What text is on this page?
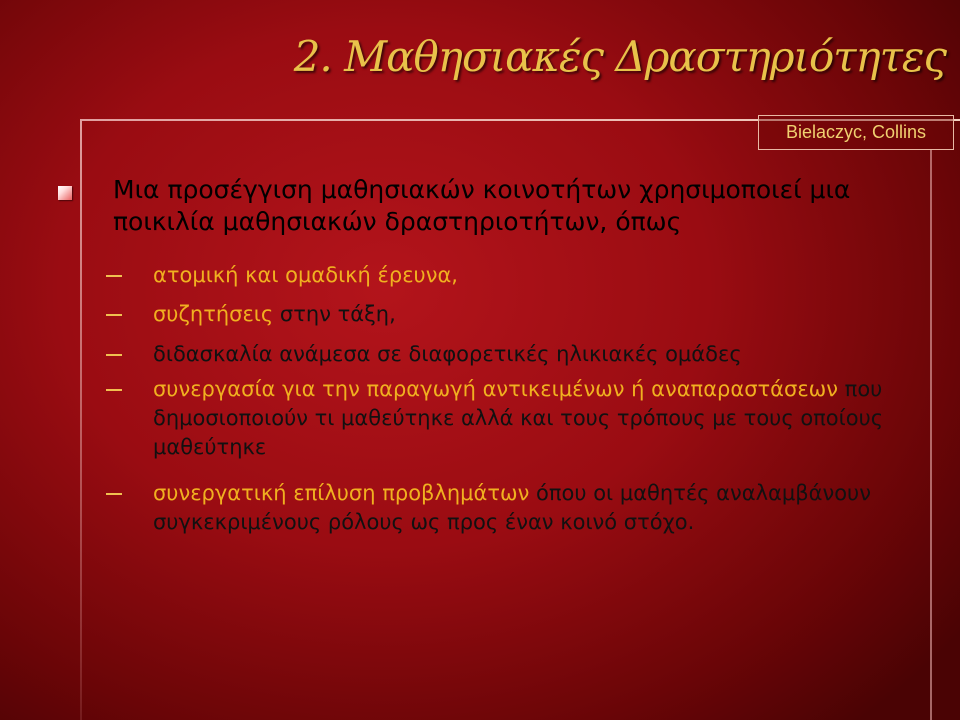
2. Μαθησιακές Δραστηριότητες
Bielaczyc, Collins
Μια προσέγγιση μαθησιακών κοινοτήτων χρησιμοποιεί μια ποικιλία μαθησιακών δραστηριοτήτων, όπως
ατομική και ομαδική έρευνα,
συζητήσεις στην τάξη,
διδασκαλία ανάμεσα σε διαφορετικές ηλικιακές ομάδες
συνεργασία για την παραγωγή αντικειμένων ή αναπαραστάσεων που δημοσιοποιούν τι μαθεύτηκε αλλά και τους τρόπους με τους οποίους μαθεύτηκε
συνεργατική επίλυση προβλημάτων όπου οι μαθητές αναλαμβάνουν συγκεκριμένους ρόλους ως προς έναν κοινό στόχο.
